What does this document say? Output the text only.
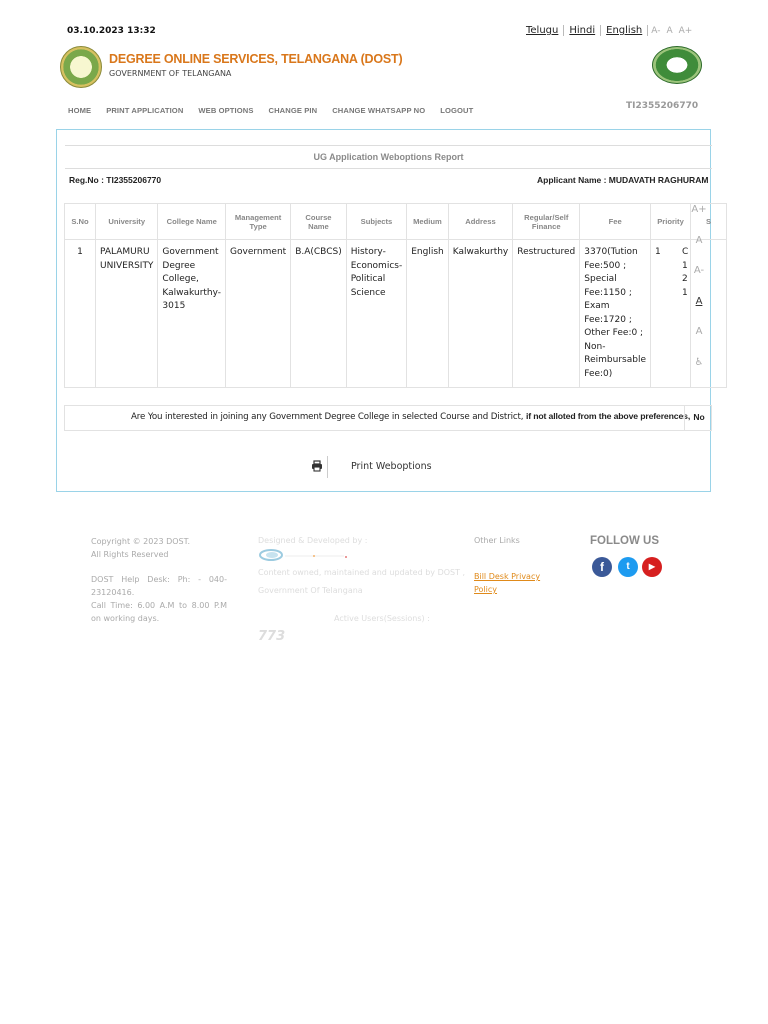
03.10.2023 13:32	Telugu	Hindi	English	A- A A+
DEGREE ONLINE SERVICES, TELANGANA (DOST)
GOVERNMENT OF TELANGANA
HOME PRINT APPLICATION WEB OPTIONS CHANGE PIN CHANGE WHATSAPP NO LOGOUT	TI2355206770
UG Application Weboptions Report
Reg.No : TI2355206770	Applicant Name : MUDAVATH RAGHURAM
S.No	University	College Name	Management Type	Course Name	Subjects	Medium	Address	Regular/Self Finance	Fee	Priority	S
1	PALAMURU UNIVERSITY	Government Degree College, Kalwakurthy-3015	Government	B.A(CBCS)	History-Economics-Political Science	English	Kalwakurthy	Restructured	3370(Tution Fee:500 ; Special Fee:1150 ; Exam Fee:1720 ; Other Fee:0 ; Non-Reimbursable Fee:0)	1	C
1
2
1
A+
A
A-
A
A
♿
Are You interested in joining any Government Degree College in selected Course and District, if not alloted from the above preferences, No
Print Weboptions
Copyright © 2023 DOST.
All Rights Reserved
DOST Help Desk: Ph: - 040-23120416.
Call Time: 6.00 A.M to 8.00 P.M on working days.
Designed & Developed by :
Content owned, maintained and updated by DOST ,
Government Of Telangana
Active Users(Sessions) :
773
Other Links
Bill Desk Privacy
Policy
FOLLOW US
f	t	▶
